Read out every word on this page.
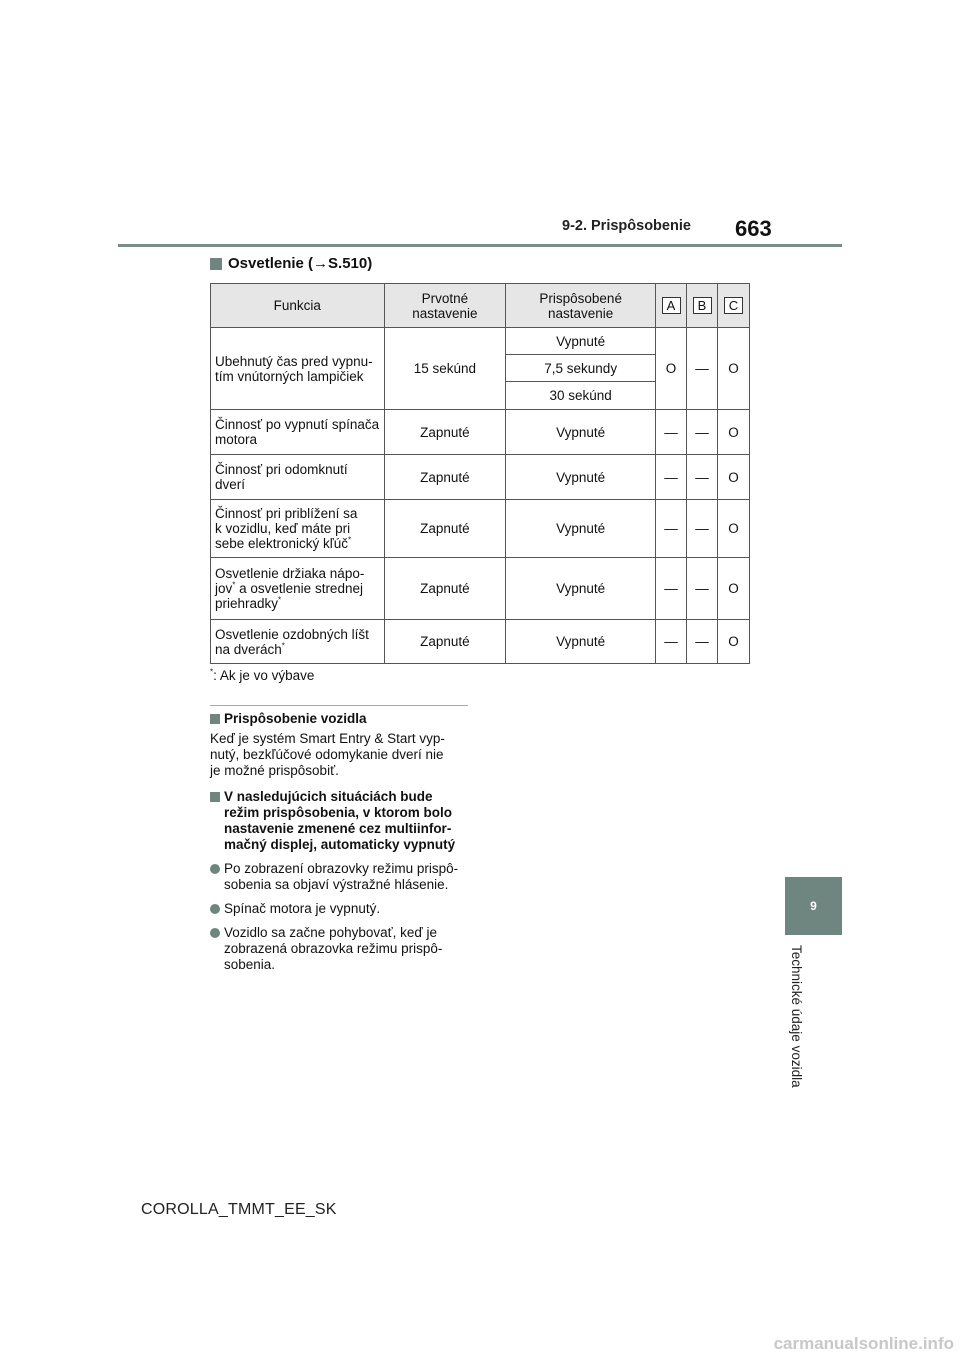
9-2. Prispôsobenie 663
Osvetlenie (→S.510)
Funkcia	Prvotné nastavenie	Prispôsobené nastavenie	A	B	C
Ubehnutý čas pred vypnu-
tím vnútorných lampičiek	15 sekúnd	Vypnuté	O	—	O
		7,5 sekundy			
		30 sekúnd			
Činnosť po vypnutí spínača
motora	Zapnuté	Vypnuté	—	—	O
Činnosť pri odomknutí
dverí	Zapnuté	Vypnuté	—	—	O
Činnosť pri priblížení sa
k vozidlu, keď máte pri
sebe elektronický kľúč*	Zapnuté	Vypnuté	—	—	O
Osvetlenie držiaka nápo-
jov* a osvetlenie strednej
priehradky*	Zapnuté	Vypnuté	—	—	O
Osvetlenie ozdobných líšt
na dverách*	Zapnuté	Vypnuté	—	—	O
*: Ak je vo výbave
Prispôsobenie vozidla
Keď je systém Smart Entry & Start vyp-
nutý, bezkľúčové odomykanie dverí nie
je možné prispôsobiť.
V nasledujúcich situáciách bude
režim prispôsobenia, v ktorom bolo
nastavenie zmenené cez multiinfor-
mačný displej, automaticky vypnutý
Po zobrazení obrazovky režimu prispô-
sobenia sa objaví výstražné hlásenie.
Spínač motora je vypnutý.
Vozidlo sa začne pohybovať, keď je
zobrazená obrazovka režimu prispô-
sobenia.
9
Technické údaje vozidla
COROLLA_TMMT_EE_SK
carmanualsonline.info
